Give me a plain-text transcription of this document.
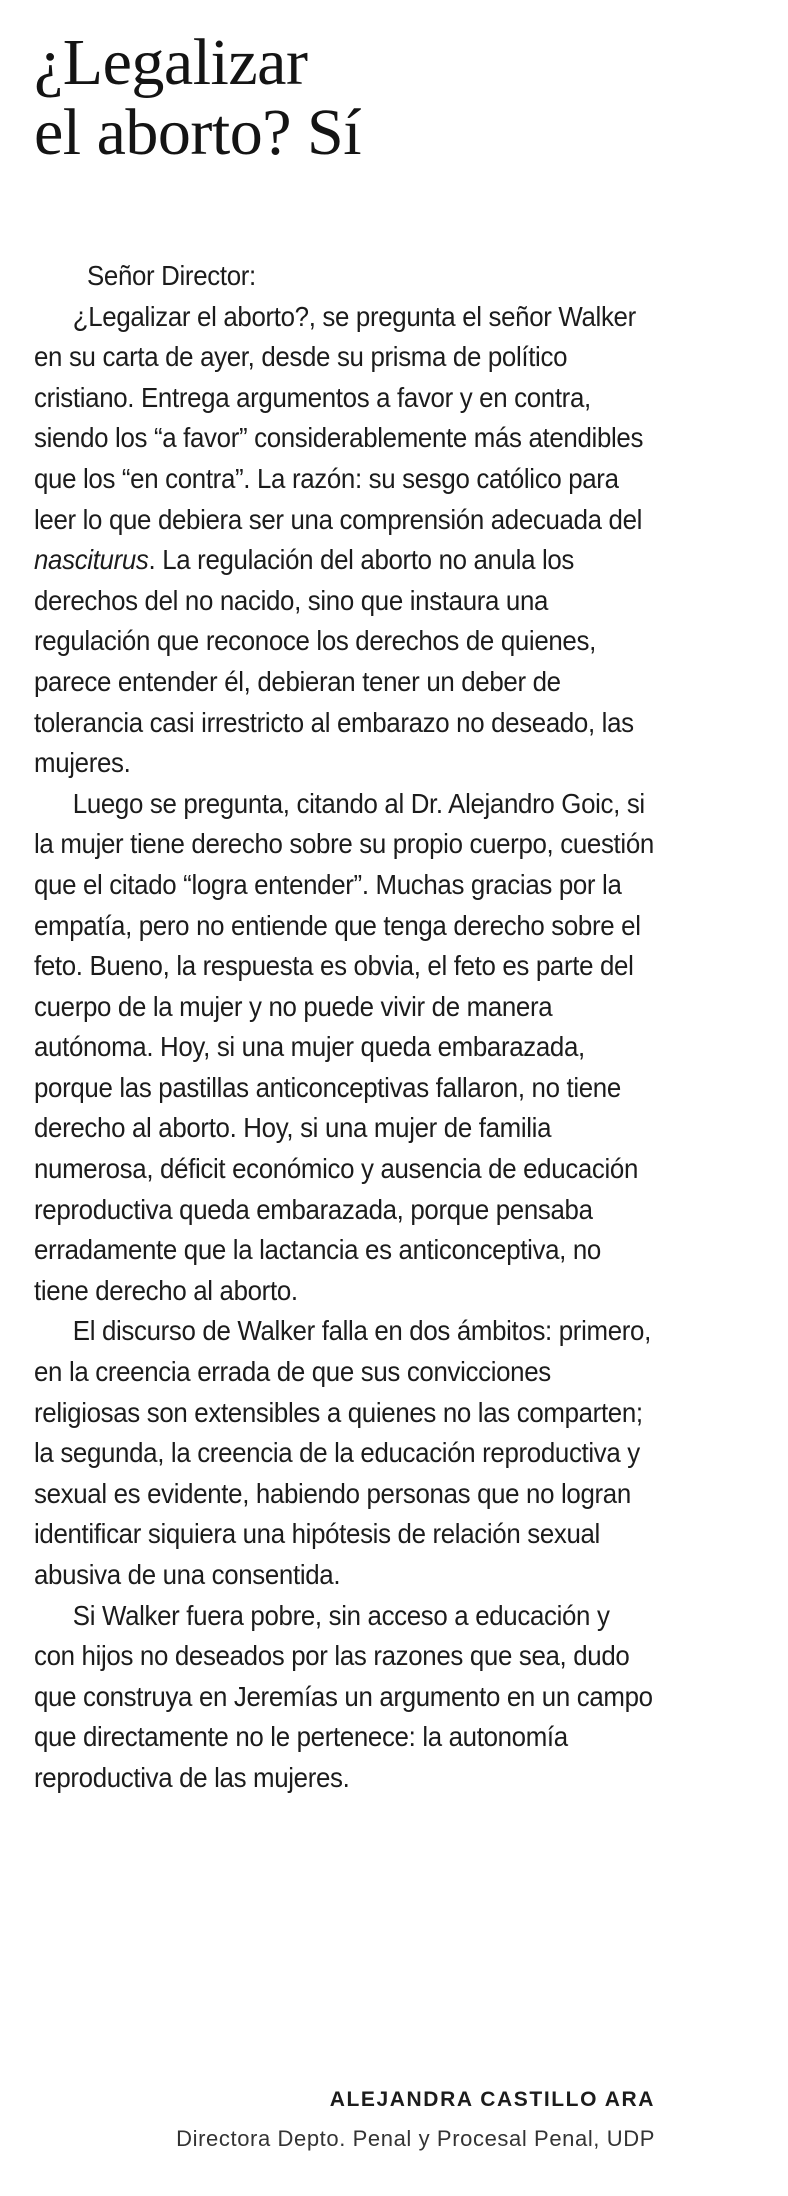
¿Legalizar
el aborto? Sí

Señor Director:

¿Legalizar el aborto?, se pregunta el señor Walker en su carta de ayer, desde su prisma de político cristiano. Entrega argumentos a favor y en contra, siendo los “a favor” considerablemente más atendibles que los “en contra”. La razón: su sesgo católico para leer lo que debiera ser una comprensión adecuada del nasciturus. La regulación del aborto no anula los derechos del no nacido, sino que instaura una regulación que reconoce los derechos de quienes, parece entender él, debieran tener un deber de tolerancia casi irrestricto al embarazo no deseado, las mujeres.

Luego se pregunta, citando al Dr. Alejandro Goic, si la mujer tiene derecho sobre su propio cuerpo, cuestión que el citado “logra entender”. Muchas gracias por la empatía, pero no entiende que tenga derecho sobre el feto. Bueno, la respuesta es obvia, el feto es parte del cuerpo de la mujer y no puede vivir de manera autónoma. Hoy, si una mujer queda embarazada, porque las pastillas anticonceptivas fallaron, no tiene derecho al aborto. Hoy, si una mujer de familia numerosa, déficit económico y ausencia de educación reproductiva queda embarazada, porque pensaba erradamente que la lactancia es anticonceptiva, no tiene derecho al aborto.

El discurso de Walker falla en dos ámbitos: primero, en la creencia errada de que sus convicciones religiosas son extensibles a quienes no las comparten; la segunda, la creencia de la educación reproductiva y sexual es evidente, habiendo personas que no logran identificar siquiera una hipótesis de relación sexual abusiva de una consentida.

Si Walker fuera pobre, sin acceso a educación y con hijos no deseados por las razones que sea, dudo que construya en Jeremías un argumento en un campo que directamente no le pertenece: la autonomía reproductiva de las mujeres.

ALEJANDRA CASTILLO ARA
Directora Depto. Penal y Procesal Penal, UDP
